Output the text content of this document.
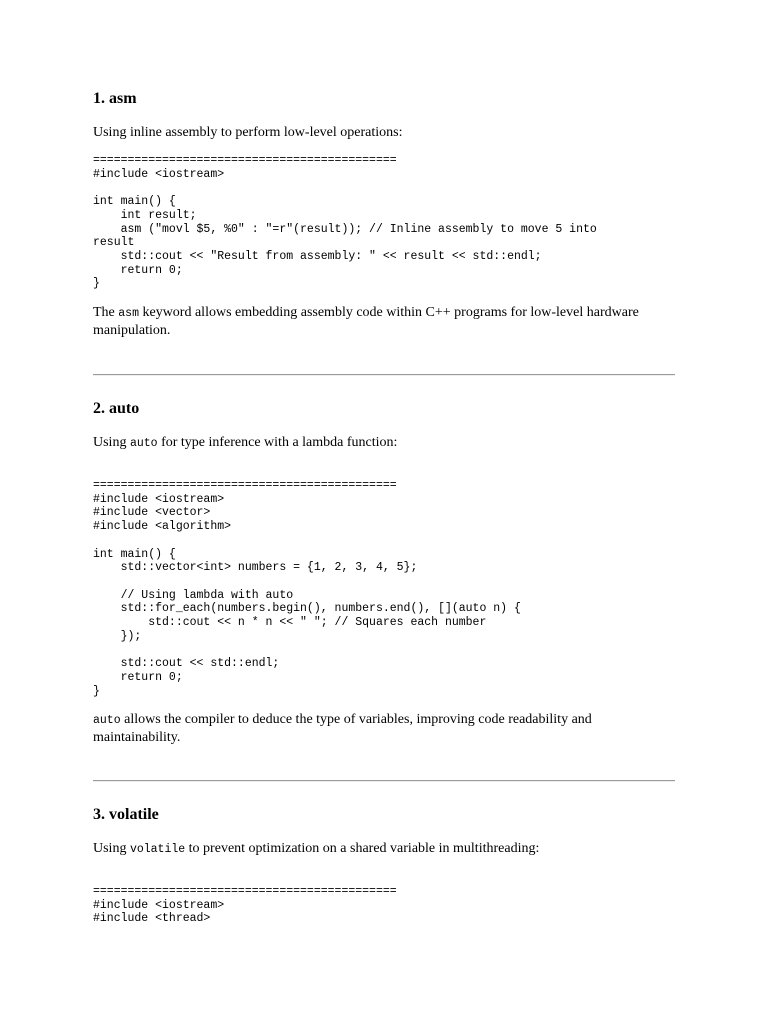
1. asm

Using inline assembly to perform low-level operations:

============================================
#include <iostream>

int main() {
int result;
asm ("movl $5, %0" : "=r"(result)); // Inline assembly to move 5 into
result
std::cout << "Result from assembly: " << result << std::endl;
return 0;
}

The asm keyword allows embedding assembly code within C++ programs for low-level hardware manipulation.

2. auto

Using auto for type inference with a lambda function:

============================================
#include <iostream>
#include <vector>
#include <algorithm>

int main() {
std::vector<int> numbers = {1, 2, 3, 4, 5};

// Using lambda with auto
std::for_each(numbers.begin(), numbers.end(), [](auto n) {
std::cout << n * n << " "; // Squares each number
});

std::cout << std::endl;
return 0;
}

auto allows the compiler to deduce the type of variables, improving code readability and maintainability.

3. volatile

Using volatile to prevent optimization on a shared variable in multithreading:

============================================
#include <iostream>
#include <thread>
